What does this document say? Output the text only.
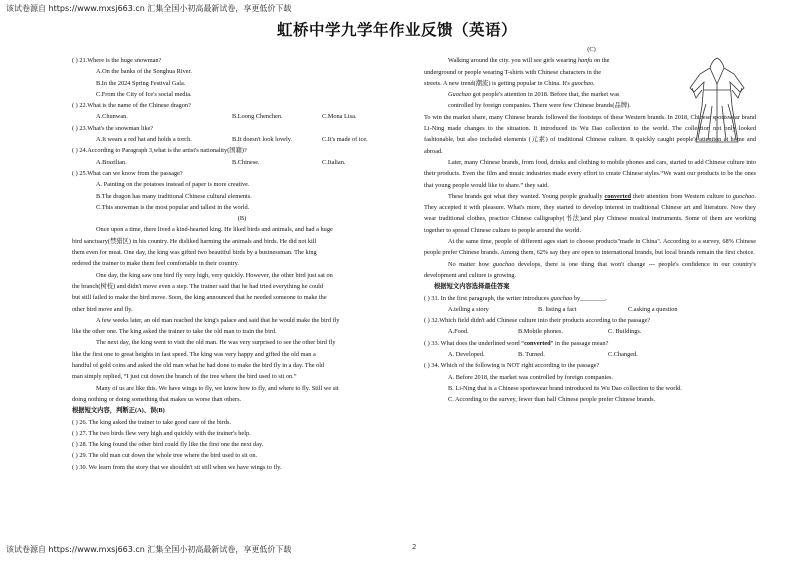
该试卷源自 https://www.mxsj663.cn 汇集全国小初高最新试卷，享更低价下载
虹桥中学九学年作业反馈（英语）
( ) 21.Where is the huge snowman?
A.On the banks of the Songhua River.
B.In the 2024 Spring Festival Gala.
C.From the City of Ice's social media.
( ) 22.What is the name of the Chinese dragon?
A.Chunwan.	B.Loong Chenchen.	C.Mona Lisa.
( ) 23.What's the snowman like?
A.It wears a red hat and holds a torch.	B.It doesn't look lovely.	C.It's made of ice.
( ) 24.According to Paragraph 3,what is the artist's nationality(国籍)?
A.Brazilian.	B.Chinese.	C.Italian.
( ) 25.What can we know from the passage?
A. Painting on the potatoes instead of paper is more creative.
B.The dragon has many traditional Chinese cultural elements.
C.This snowman is the most popular and tallest in the world.
(B)
Once upon a time, there lived a kind-hearted king. He liked birds and animals, and had a huge
bird sanctuary(禁猎区) in his country. He disliked harming the animals and birds. He did not kill
them even for meat. One day, the king was gifted two beautiful birds by a businessman. The king
ordered the trainer to make them feel comfortable in their country.
One day, the king saw one bird fly very high, very quickly. However, the other bird just sat on
the branch(树枝) and didn't move even a step. The trainer said that he had tried everything he could
but still failed to make the bird move. Soon, the king announced that he needed someone to make the
other bird move and fly.
A few weeks later, an old man reached the king's palace and said that he would make the bird fly
like the other one. The king asked the trainer to take the old man to train the bird.
The next day, the king went to visit the old man. He was very surprised to see the other bird fly
like the first one to great heights in fast speed. The king was very happy and gifted the old man a
handful of gold coins and asked the old man what he had done to make the bird fly in a day. The old
man simply replied, “I just cut down the branch of the tree where the bird used to sit on.”
Many of us are like this. We have wings to fly, we know how to fly, and where to fly. Still we sit
doing nothing or doing something that makes us worse than others.
根据短文内容，判断正(A)、误(B)
( ) 26. The king asked the trainer to take good care of the birds.
( ) 27. The two birds flew very high and quickly with the trainer's help.
( ) 28. The king found the other bird could fly like the first one the next day.
( ) 29. The old man cut down the whole tree where the bird used to sit on.
( ) 30. We learn from the story that we shouldn't sit still when we have wings to fly.
(C)
Walking around the city. you will see girls wearing hanfu on the
underground or people wearing T-shirts with Chinese characters in the
streets. A new trend(潮流) is getting popular in China. It's guochao.
Guochao got people's attention in 2018. Before that, the market was
controlled by foreign companies. There were few Chinese brands(品牌).
To win the market share, many Chinese brands followed the footsteps of these Western brands. In 2018, Chinese sportswear brand Li-Ning made changes to the situation. It introduced its Wu Dao collection to the world. The collection not only looked fashionable, but also included elements (元素) of traditional Chinese culture. It quickly caught people's attention at home and abroad.
Later, many Chinese brands, from food, drinks and clothing to mobile phones and cars, started to add Chinese culture into their products. Even the film and music industries made every effort to create Chinese styles.“We want our products to be the ones that young people would like to share.” they said.
These brands got what they wanted. Young people gradually converted their attention from Western culture to guochao. They accepted it with pleasure. What's more, they started to develop interest in traditional Chinese art and literature. Now they wear traditional clothes, practice Chinese calligraphy(书法)and play Chinese musical instruments. Some of them are working together to spread Chinese culture to people around the world.
At the same time, people of different ages start to choose products"made in China". According to a survey, 68% Chinese people prefer Chinese brands. Among them, 62% say they are open to international brands, but local brands remain the first choice.
No matter how guochao develops, there is one thing that won't change --- people's confidence in our country's development and culture is growing.
根据短文内容选择最佳答案
( ) 31. In the first paragraph, the writer introduces guochao by________.
A.telling a story	B. listing a fact	C.asking a question
( ) 32.Which field didn't add Chinese culture into their products according to the passage?
A.Food.	B.Mobile phones.	C. Buildings.
( ) 33. What does the underlined word “converted” in the passage mean?
A. Developed.	B. Turned.	C.Changed.
( ) 34. Which of the following is NOT right according to the passage?
A. Before 2018, the market was controlled by foreign companies.
B. Li-Ning that is a Chinese sportswear brand introduced its Wu Dao collection to the world.
C. According to the survey, fewer than half Chinese people prefer Chinese brands.
该试卷源自 https://www.mxsj663.cn 汇集全国小初高最新试卷，享更低价下载	2
